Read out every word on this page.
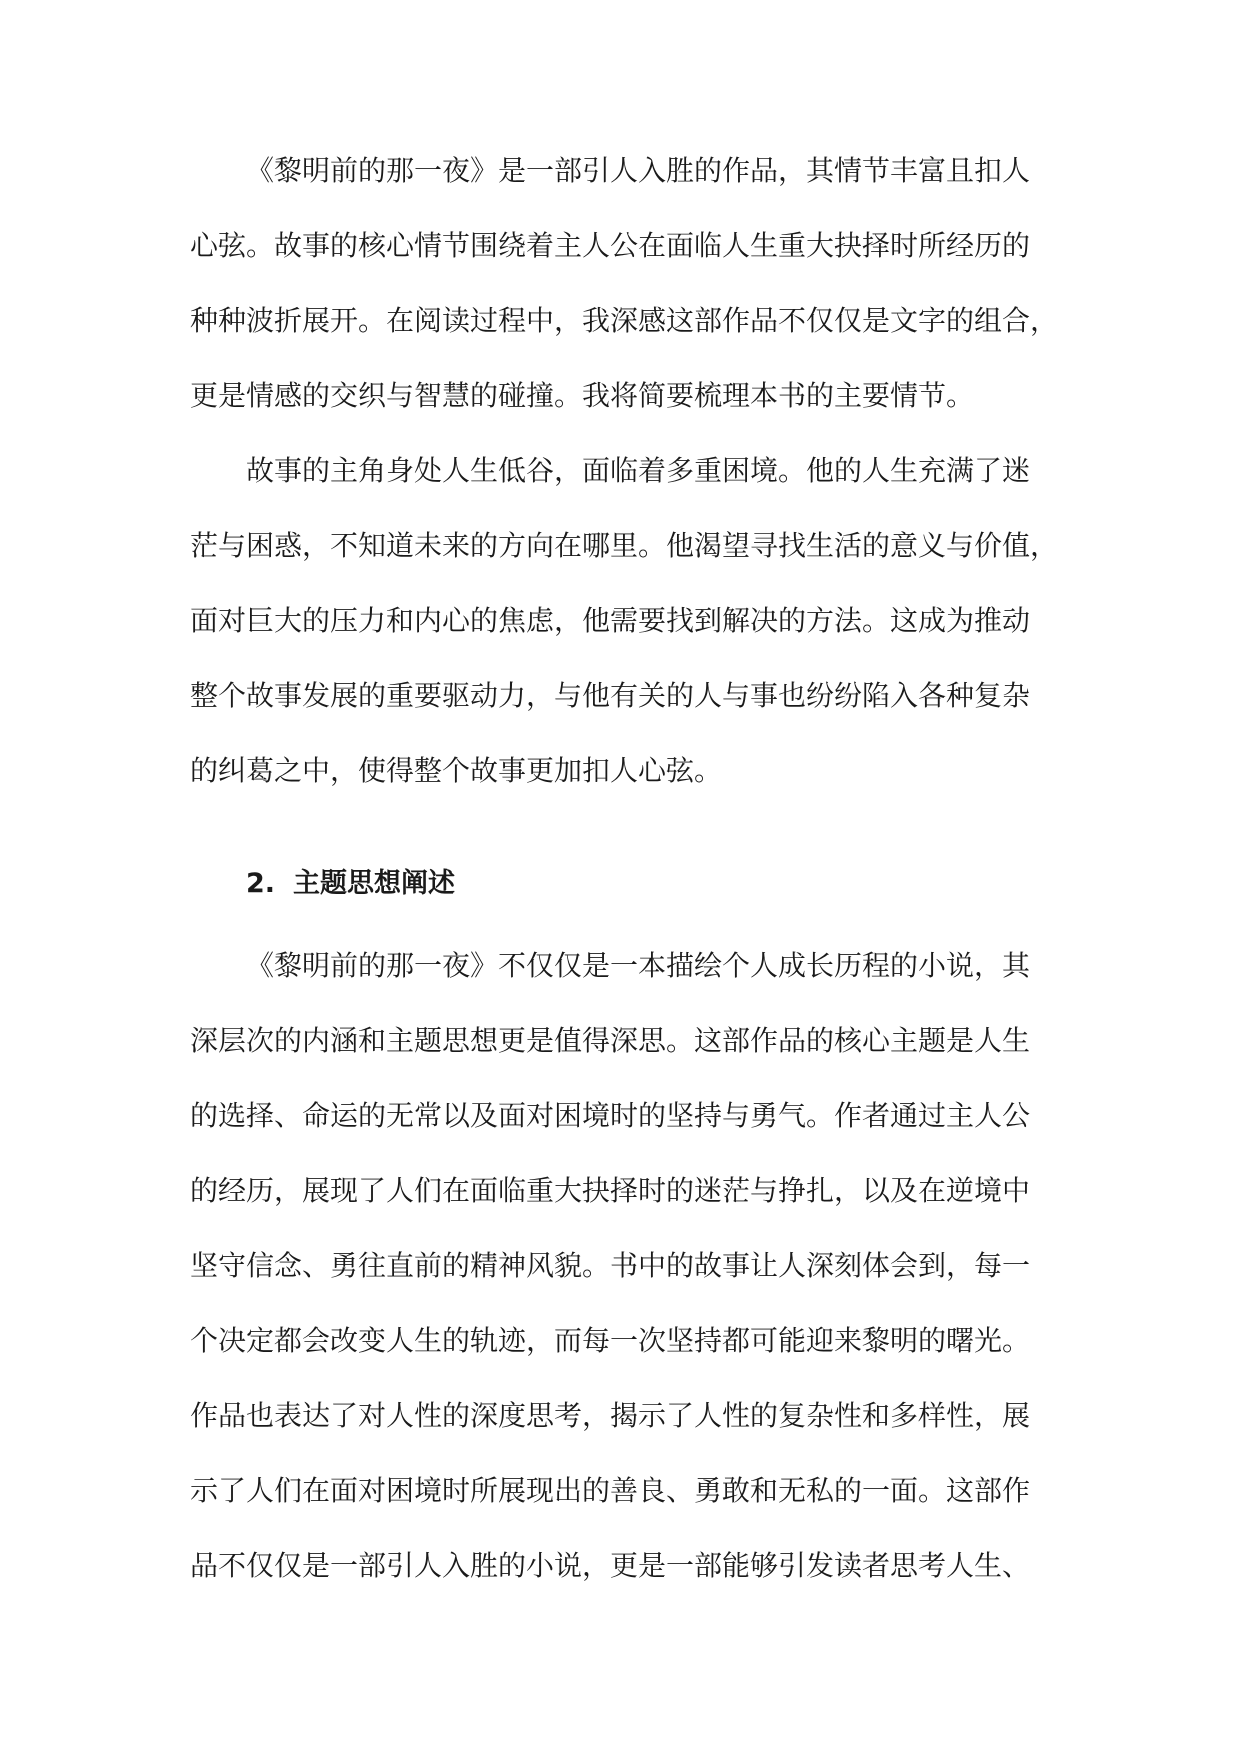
《黎明前的那一夜》是一部引人入胜的作品，其情节丰富且扣人
心弦。故事的核心情节围绕着主人公在面临人生重大抉择时所经历的
种种波折展开。在阅读过程中，我深感这部作品不仅仅是文字的组合，
更是情感的交织与智慧的碰撞。我将简要梳理本书的主要情节。
故事的主角身处人生低谷，面临着多重困境。他的人生充满了迷
茫与困惑，不知道未来的方向在哪里。他渴望寻找生活的意义与价值，
面对巨大的压力和内心的焦虑，他需要找到解决的方法。这成为推动
整个故事发展的重要驱动力，与他有关的人与事也纷纷陷入各种复杂
的纠葛之中，使得整个故事更加扣人心弦。
2. 主题思想阐述
《黎明前的那一夜》不仅仅是一本描绘个人成长历程的小说，其
深层次的内涵和主题思想更是值得深思。这部作品的核心主题是人生
的选择、命运的无常以及面对困境时的坚持与勇气。作者通过主人公
的经历，展现了人们在面临重大抉择时的迷茫与挣扎，以及在逆境中
坚守信念、勇往直前的精神风貌。书中的故事让人深刻体会到，每一
个决定都会改变人生的轨迹，而每一次坚持都可能迎来黎明的曙光。
作品也表达了对人性的深度思考，揭示了人性的复杂性和多样性，展
示了人们在面对困境时所展现出的善良、勇敢和无私的一面。这部作
品不仅仅是一部引人入胜的小说，更是一部能够引发读者思考人生、
